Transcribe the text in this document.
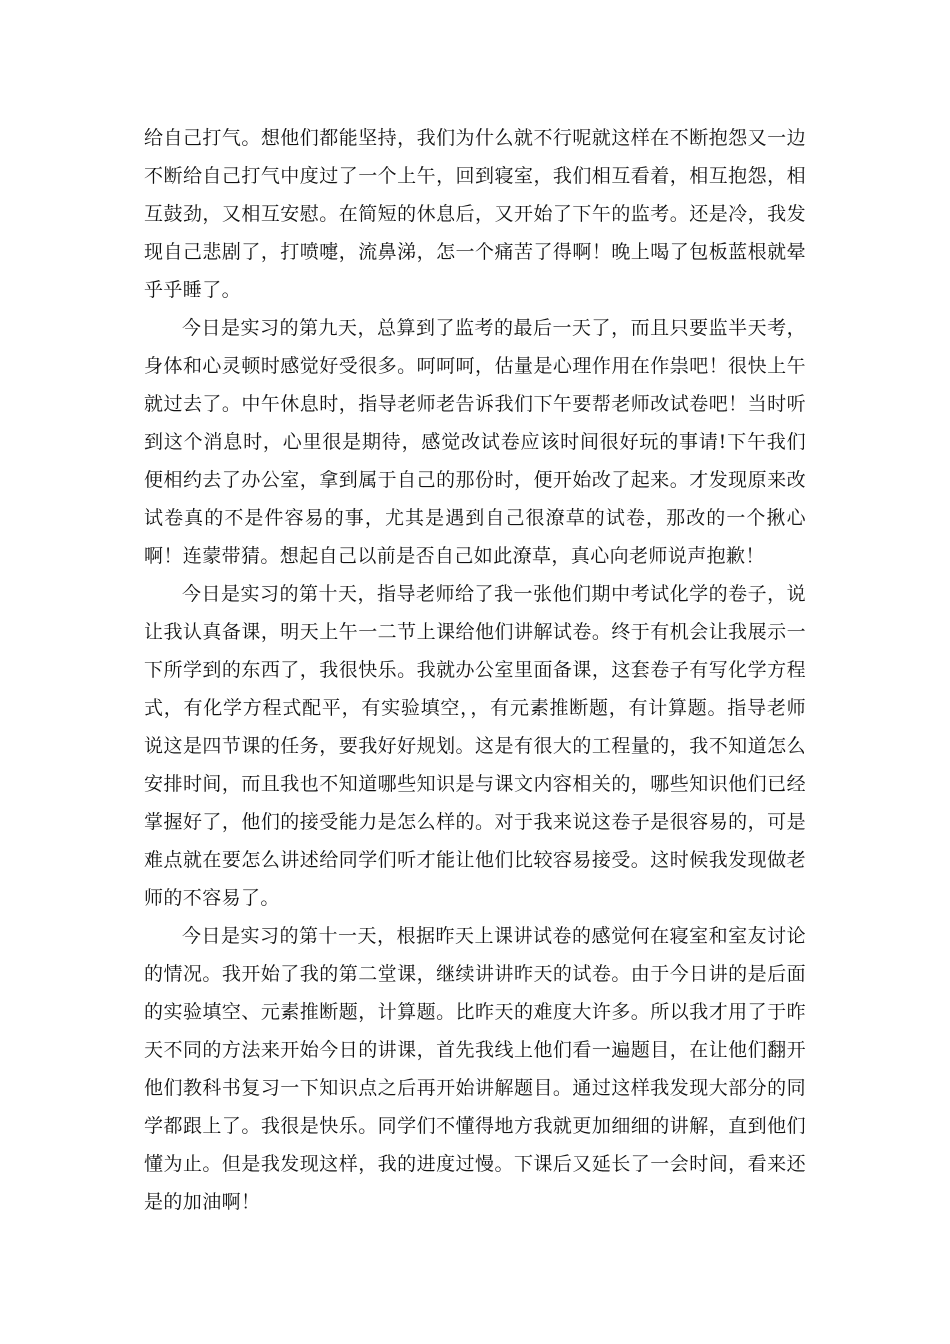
给自己打气。想他们都能坚持，我们为什么就不行呢就这样在不断抱怨又一边不断给自己打气中度过了一个上午，回到寝室，我们相互看着，相互抱怨，相互鼓劲，又相互安慰。在简短的休息后，又开始了下午的监考。还是冷，我发现自己悲剧了，打喷嚏，流鼻涕，怎一个痛苦了得啊！晚上喝了包板蓝根就晕乎乎睡了。

今日是实习的第九天，总算到了监考的最后一天了，而且只要监半天考，身体和心灵顿时感觉好受很多。呵呵呵，估量是心理作用在作祟吧！很快上午就过去了。中午休息时，指导老师老告诉我们下午要帮老师改试卷吧！当时听到这个消息时，心里很是期待，感觉改试卷应该时间很好玩的事请!下午我们便相约去了办公室，拿到属于自己的那份时，便开始改了起来。才发现原来改试卷真的不是件容易的事，尤其是遇到自己很潦草的试卷，那改的一个揪心啊！连蒙带猜。想起自己以前是否自己如此潦草，真心向老师说声抱歉！

今日是实习的第十天，指导老师给了我一张他们期中考试化学的卷子，说让我认真备课，明天上午一二节上课给他们讲解试卷。终于有机会让我展示一下所学到的东西了，我很快乐。我就办公室里面备课，这套卷子有写化学方程式，有化学方程式配平，有实验填空，，有元素推断题，有计算题。指导老师说这是四节课的任务，要我好好规划。这是有很大的工程量的，我不知道怎么安排时间，而且我也不知道哪些知识是与课文内容相关的，哪些知识他们已经掌握好了，他们的接受能力是怎么样的。对于我来说这卷子是很容易的，可是难点就在要怎么讲述给同学们听才能让他们比较容易接受。这时候我发现做老师的不容易了。

今日是实习的第十一天，根据昨天上课讲试卷的感觉何在寝室和室友讨论的情况。我开始了我的第二堂课，继续讲讲昨天的试卷。由于今日讲的是后面的实验填空、元素推断题，计算题。比昨天的难度大许多。所以我才用了于昨天不同的方法来开始今日的讲课，首先我线上他们看一遍题目，在让他们翻开他们教科书复习一下知识点之后再开始讲解题目。通过这样我发现大部分的同学都跟上了。我很是快乐。同学们不懂得地方我就更加细细的讲解，直到他们懂为止。但是我发现这样，我的进度过慢。下课后又延长了一会时间，看来还是的加油啊！
